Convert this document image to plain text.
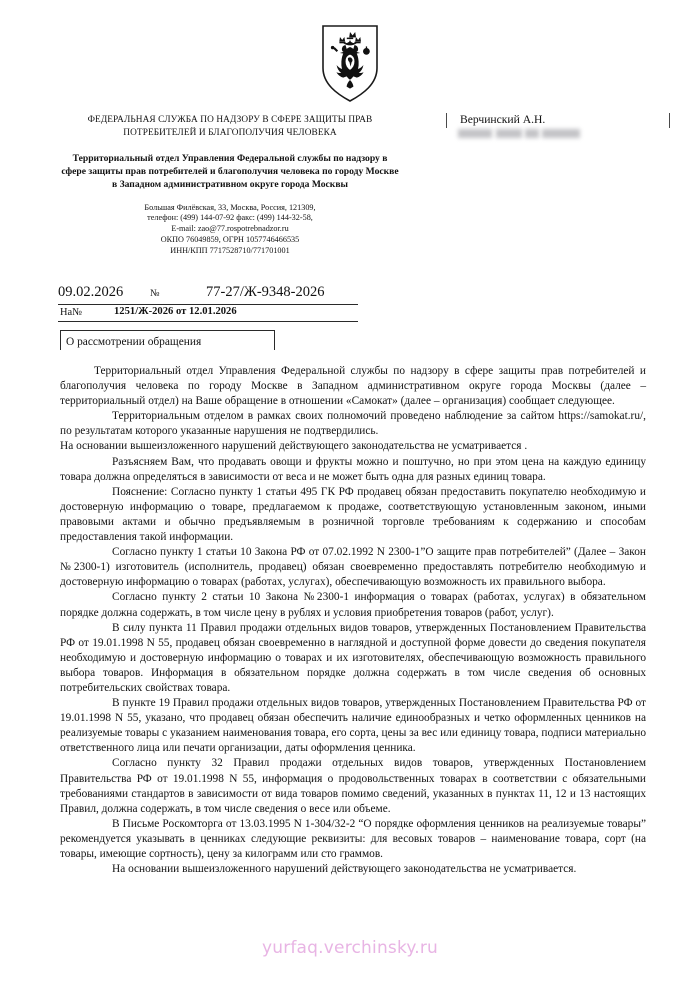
ФЕДЕРАЛЬНАЯ СЛУЖБА ПО НАДЗОРУ В СФЕРЕ ЗАЩИТЫ ПРАВ ПОТРЕБИТЕЛЕЙ И БЛАГОПОЛУЧИЯ ЧЕЛОВЕКА
Территориальный отдел Управления Федеральной службы по надзору в сфере защиты прав потребителей и благополучия человека по городу Москве в Западном административном округе города Москвы
Большая Филёвская, 33, Москва, Россия, 121309,
телефон: (499) 144-07-92 факс: (499) 144-32-58,
E-mail: zao@77.rospotrebnadzor.ru
ОКПО 76049859, ОГРН 1057746466535
ИНН/КПП 7717528710/771701001
Верчинский А.Н.
09.02.2026	№	77-27/Ж-9348-2026
На№	1251/Ж-2026 от 12.01.2026
О рассмотрении обращения

Территориальный отдел Управления Федеральной службы по надзору в сфере защиты прав потребителей и благополучия человека по городу Москве в Западном административном округе города Москвы (далее – территориальный отдел) на Ваше обращение в отношении «Самокат» (далее – организация) сообщает следующее.

Территориальным отделом в рамках своих полномочий проведено наблюдение за сайтом https://samokat.ru/, по результатам которого указанные нарушения не подтвердились.

На основании вышеизложенного нарушений действующего законодательства не усматривается .

Разъясняем Вам, что продавать овощи и фрукты можно и поштучно, но при этом цена на каждую единицу товара должна определяться в зависимости от веса и не может быть одна для разных единиц товара.

Пояснение: Согласно пункту 1 статьи 495 ГК РФ продавец обязан предоставить покупателю необходимую и достоверную информацию о товаре, предлагаемом к продаже, соответствующую установленным законом, иными правовыми актами и обычно предъявляемым в розничной торговле требованиям к содержанию и способам предоставления такой информации.

Согласно пункту 1 статьи 10 Закона РФ от 07.02.1992 N 2300-1”О защите прав потребителей” (Далее – Закон №2300-1) изготовитель (исполнитель, продавец) обязан своевременно предоставлять потребителю необходимую и достоверную информацию о товарах (работах, услугах), обеспечивающую возможность их правильного выбора.

Согласно пункту 2 статьи 10 Закона №2300-1 информация о товарах (работах, услугах) в обязательном порядке должна содержать, в том числе цену в рублях и условия приобретения товаров (работ, услуг).

В силу пункта 11 Правил продажи отдельных видов товаров, утвержденных Постановлением Правительства РФ от 19.01.1998 N 55, продавец обязан своевременно в наглядной и доступной форме довести до сведения покупателя необходимую и достоверную информацию о товарах и их изготовителях, обеспечивающую возможность правильного выбора товаров. Информация в обязательном порядке должна содержать в том числе сведения об основных потребительских свойствах товара.

В пункте 19 Правил продажи отдельных видов товаров, утвержденных Постановлением Правительства РФ от 19.01.1998 N 55, указано, что продавец обязан обеспечить наличие единообразных и четко оформленных ценников на реализуемые товары с указанием наименования товара, его сорта, цены за вес или единицу товара, подписи материально ответственного лица или печати организации, даты оформления ценника.

Согласно пункту 32 Правил продажи отдельных видов товаров, утвержденных Постановлением Правительства РФ от 19.01.1998 N 55, информация о продовольственных товарах в соответствии с обязательными требованиями стандартов в зависимости от вида товаров помимо сведений, указанных в пунктах 11, 12 и 13 настоящих Правил, должна содержать, в том числе сведения о весе или объеме.

В Письме Роскомторга от 13.03.1995 N 1-304/32-2 “О порядке оформления ценников на реализуемые товары” рекомендуется указывать в ценниках следующие реквизиты: для весовых товаров – наименование товара, сорт (на товары, имеющие сортность), цену за килограмм или сто граммов.

На основании вышеизложенного нарушений действующего законодательства не усматривается.

yurfaq.verchinsky.ru
